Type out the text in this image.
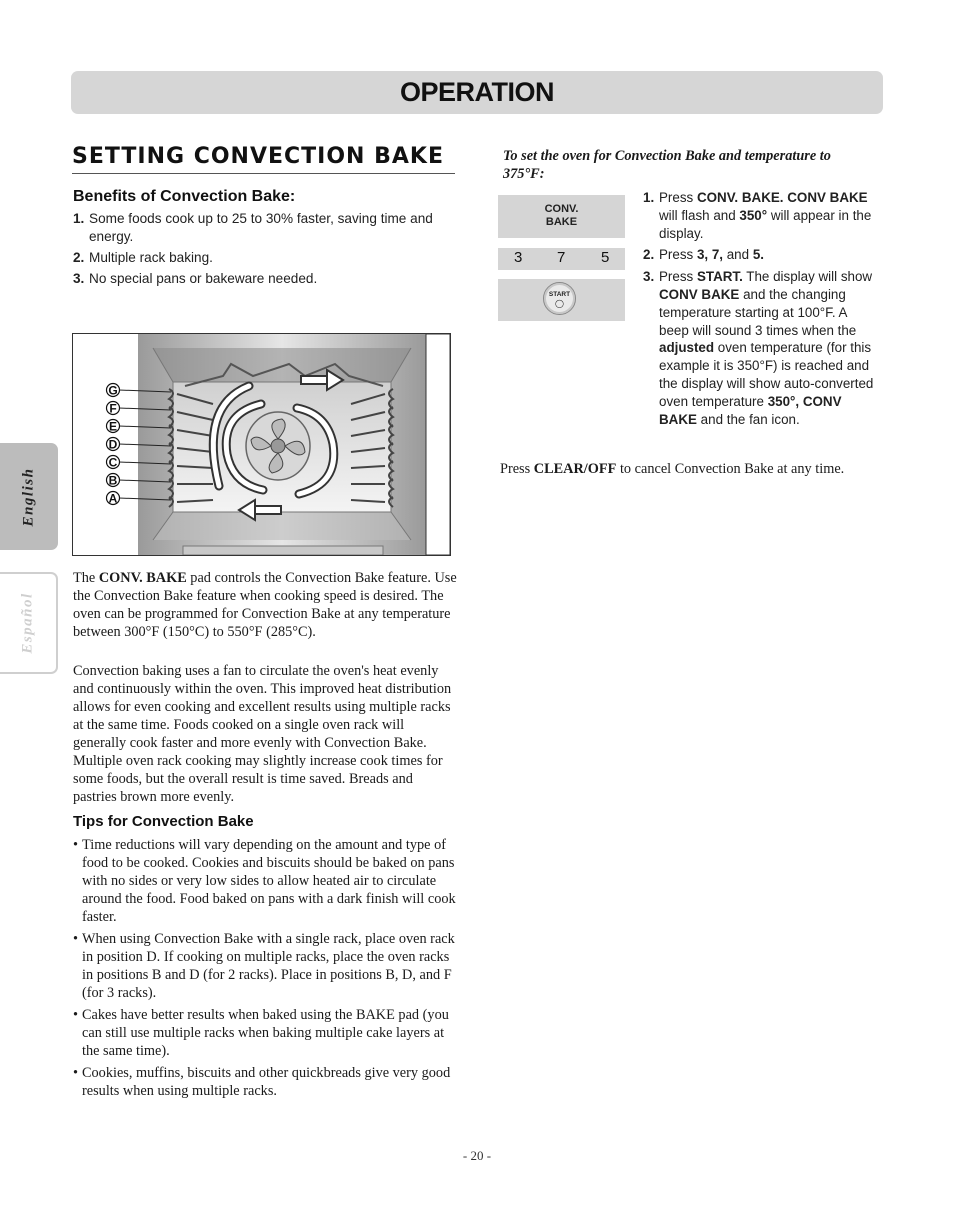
OPERATION
English
Español
SETTING CONVECTION BAKE
Benefits of Convection Bake:
1. Some foods cook up to 25 to 30% faster, saving time and energy.
2. Multiple rack baking.
3. No special pans or bakeware needed.
G
F
E
D
C
B
A

The CONV. BAKE pad controls the Convection Bake feature. Use the Convection Bake feature when cooking speed is desired. The oven can be programmed for Convection Bake at any temperature between 300°F (150°C) to 550°F (285°C).

Convection baking uses a fan to circulate the oven's heat evenly and continuously within the oven. This improved heat distribution allows for even cooking and excellent results using multiple racks at the same time. Foods cooked on a single oven rack will generally cook faster and more evenly with Convection Bake. Multiple oven rack cooking may slightly increase cook times for some foods, but the overall result is time saved. Breads and pastries brown more evenly.

Tips for Convection Bake
• Time reductions will vary depending on the amount and type of food to be cooked. Cookies and biscuits should be baked on pans with no sides or very low sides to allow heated air to circulate around the food. Food baked on pans with a dark finish will cook faster.
• When using Convection Bake with a single rack, place oven rack in position D. If cooking on multiple racks, place the oven racks in positions B and D (for 2 racks). Place in positions B, D, and F (for 3 racks).
• Cakes have better results when baked using the BAKE pad (you can still use multiple racks when baking multiple cake layers at the same time).
• Cookies, muffins, biscuits and other quickbreads give very good results when using multiple racks.

To set the oven for Convection Bake and temperature to 375°F:

CONV.
BAKE
3 7 5
START
◯
1. Press CONV. BAKE. CONV BAKE will flash and 350° will appear in the display.
2. Press 3, 7, and 5.
3. Press START. The display will show CONV BAKE and the changing temperature starting at 100°F. A beep will sound 3 times when the adjusted oven temperature (for this example it is 350°F) is reached and the display will show auto-converted oven temperature 350°, CONV BAKE and the fan icon.

Press CLEAR/OFF to cancel Convection Bake at any time.

- 20 -
